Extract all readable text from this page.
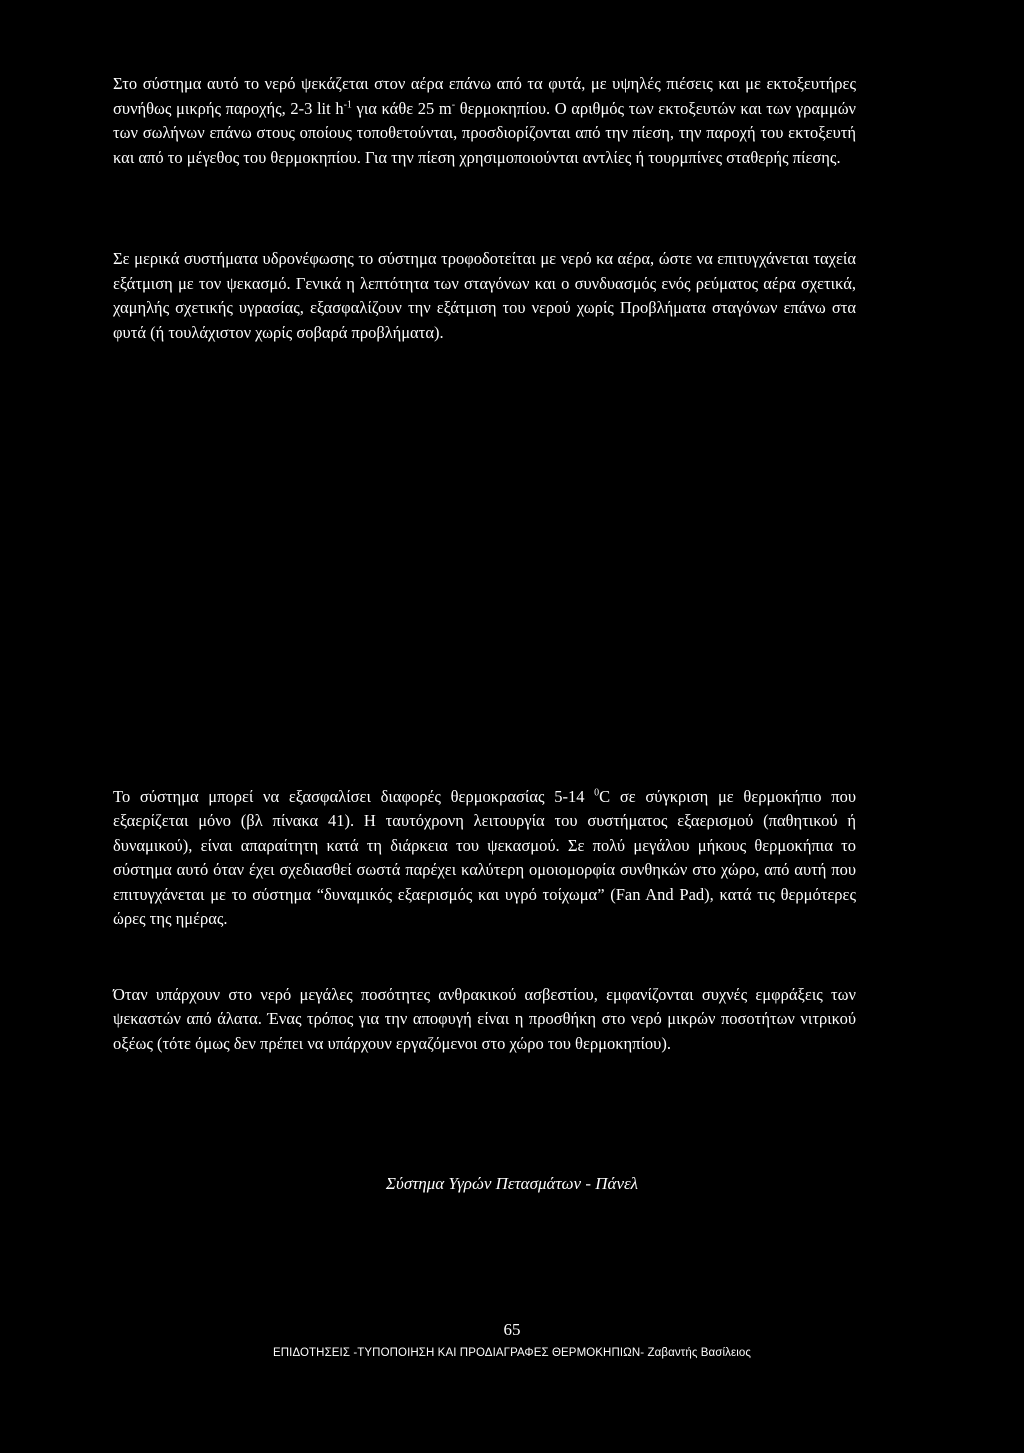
Στο σύστημα αυτό το νερό ψεκάζεται στον αέρα επάνω από τα φυτά, με υψηλές πιέσεις και με εκτοξευτήρες συνήθως μικρής παροχής, 2-3 lit $h^{-1}$ για κάθε 25 m- θερμοκηπίου. Ο αριθμός των εκτοξευτών και των γραμμών των σωλήνων επάνω στους οποίους τοποθετούνται, προσδιορίζονται από την πίεση, την παροχή του εκτοξευτή και από το μέγεθος του θερμοκηπίου. Για την πίεση χρησιμοποιούνται αντλίες ή τουρμπίνες σταθερής πίεσης.

Σε μερικά συστήματα υδρονέφωσης το σύστημα τροφοδοτείται με νερό κα αέρα, ώστε να επιτυγχάνεται ταχεία εξάτμιση με τον ψεκασμό. Γενικά η λεπτότητα των σταγόνων και ο συνδυασμός ενός ρεύματος αέρα σχετικά, χαμηλής σχετικής υγρασίας, εξασφαλίζουν την εξάτμιση του νερού χωρίς Προβλήματα σταγόνων επάνω στα φυτά (ή τουλάχιστον χωρίς σοβαρά προβλήματα).

Το σύστημα μπορεί να εξασφαλίσει διαφορές θερμοκρασίας 5-14 $^0$C σε σύγκριση με θερμοκήπιο που εξαερίζεται μόνο (βλ πίνακα 41). Η ταυτόχρονη λειτουργία του συστήματος εξαερισμού (παθητικού ή δυναμικού), είναι απαραίτητη κατά τη διάρκεια του ψεκασμού. Σε πολύ μεγάλου μήκους θερμοκήπια το σύστημα αυτό όταν έχει σχεδιασθεί σωστά παρέχει καλύτερη ομοιομορφία συνθηκών στο χώρο, από αυτή που επιτυγχάνεται με το σύστημα “δυναμικός εξαερισμός και υγρό τοίχωμα” (Fan And Pad), κατά τις θερμότερες ώρες της ημέρας.

Όταν υπάρχουν στο νερό μεγάλες ποσότητες ανθρακικού ασβεστίου, εμφανίζονται συχνές εμφράξεις των ψεκαστών από άλατα. Ένας τρόπος για την αποφυγή είναι η προσθήκη στο νερό μικρών ποσοτήτων νιτρικού οξέως (τότε όμως δεν πρέπει να υπάρχουν εργαζόμενοι στο χώρο του θερμοκηπίου).

Σύστημα Υγρών Πετασμάτων - Πάνελ
65
ΕΠΙΔΟΤΗΣΕΙΣ -ΤΥΠΟΠΟΙΗΣΗ ΚΑΙ ΠΡΟΔΙΑΓΡΑΦΕΣ ΘΕΡΜΟΚΗΠΙΩΝ- Ζαβαντής Βασίλειος
